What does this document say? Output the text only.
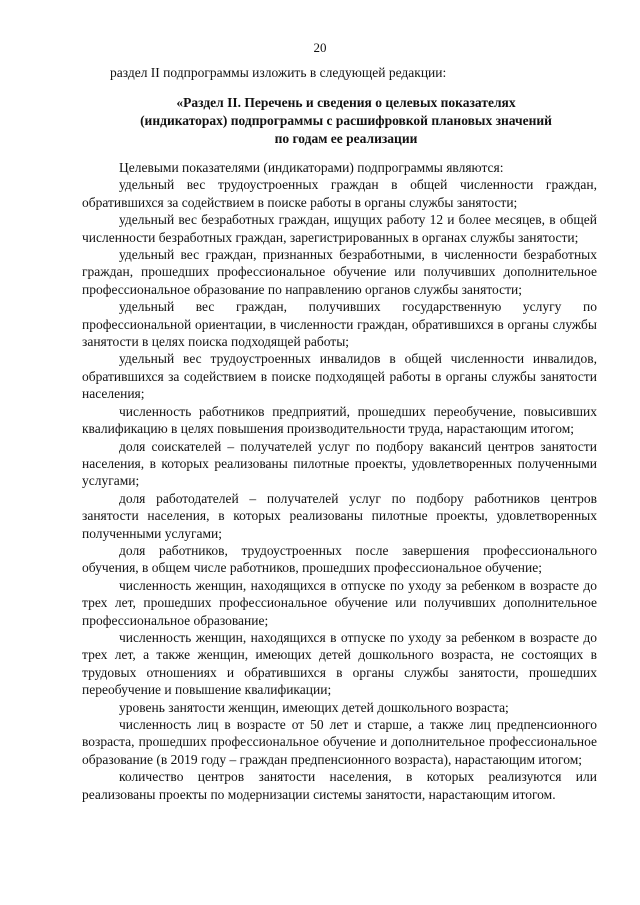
20

раздел II подпрограммы изложить в следующей редакции:

«Раздел II. Перечень и сведения о целевых показателях
(индикаторах) подпрограммы с расшифровкой плановых значений
по годам ее реализации

Целевыми показателями (индикаторами) подпрограммы являются:

удельный вес трудоустроенных граждан в общей численности граждан, обратившихся за содействием в поиске работы в органы службы занятости;

удельный вес безработных граждан, ищущих работу 12 и более месяцев, в общей численности безработных граждан, зарегистрированных в органах службы занятости;

удельный вес граждан, признанных безработными, в численности безработных граждан, прошедших профессиональное обучение или получивших дополнительное профессиональное образование по направлению органов службы занятости;

удельный вес граждан, получивших государственную услугу по профессиональной ориентации, в численности граждан, обратившихся в органы службы занятости в целях поиска подходящей работы;

удельный вес трудоустроенных инвалидов в общей численности инвалидов, обратившихся за содействием в поиске подходящей работы в органы службы занятости населения;

численность работников предприятий, прошедших переобучение, повысивших квалификацию в целях повышения производительности труда, нарастающим итогом;

доля соискателей – получателей услуг по подбору вакансий центров занятости населения, в которых реализованы пилотные проекты, удовлетворенных полученными услугами;

доля работодателей – получателей услуг по подбору работников центров занятости населения, в которых реализованы пилотные проекты, удовлетворенных полученными услугами;

доля работников, трудоустроенных после завершения профессионального обучения, в общем числе работников, прошедших профессиональное обучение;

численность женщин, находящихся в отпуске по уходу за ребенком в возрасте до трех лет, прошедших профессиональное обучение или получивших дополнительное профессиональное образование;

численность женщин, находящихся в отпуске по уходу за ребенком в возрасте до трех лет, а также женщин, имеющих детей дошкольного возраста, не состоящих в трудовых отношениях и обратившихся в органы службы занятости, прошедших переобучение и повышение квалификации;

уровень занятости женщин, имеющих детей дошкольного возраста;

численность лиц в возрасте от 50 лет и старше, а также лиц предпенсионного возраста, прошедших профессиональное обучение и дополнительное профессиональное образование (в 2019 году – граждан предпенсионного возраста), нарастающим итогом;

количество центров занятости населения, в которых реализуются или реализованы проекты по модернизации системы занятости, нарастающим итогом.
